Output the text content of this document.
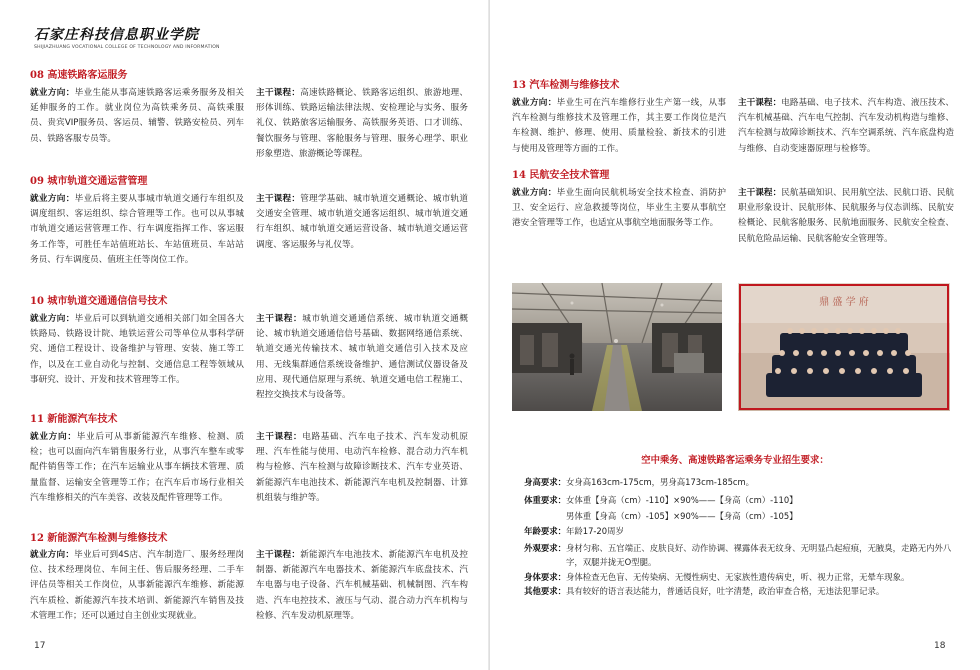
石家庄科技信息职业学院
SHIJIAZHUANG VOCATIONAL COLLEGE OF TECHNOLOGY AND INFORMATION
08 高速铁路客运服务
就业方向：毕业生能从事高速铁路客运乘务服务及相关延伸服务的工作。就业岗位为高铁乘务员、高铁乘服员、贵宾VIP服务员、客运员、辅警、铁路安检员、列车员、铁路客服专员等。
主干课程：高速铁路概论、铁路客运组织、旅游地理、形体训练、铁路运输法律法规、安检理论与实务、服务礼仪、铁路旅客运输服务、高铁服务英语、口才训练、餐饮服务与管理、客舱服务与管理、服务心理学、职业形象塑造、旅游概论等课程。
09 城市轨道交通运营管理
就业方向：毕业后将主要从事城市轨道交通行车组织及调度组织、客运组织、综合管理等工作。也可以从事城市轨道交通运营管理工作、行车调度指挥工作、客运服务工作等，可胜任车站值班站长、车站值班员、车站站务员、行车调度员、值班主任等岗位工作。
主干课程：管理学基础、城市轨道交通概论、城市轨道交通安全管理、城市轨道交通客运组织、城市轨道交通行车组织、城市轨道交通运营设备、城市轨道交通运营调度、客运服务与礼仪等。
10 城市轨道交通通信信号技术
就业方向：毕业后可以到轨道交通相关部门如全国各大铁路局、铁路设计院、地铁运营公司等单位从事科学研究、通信工程设计、设备维护与管理、安装、施工等工作，以及在工业自动化与控制、交通信息工程等领域从事研究、设计、开发和技术管理等工作。
主干课程：城市轨道交通通信系统、城市轨道交通概论、城市轨道交通通信信号基础、数据网络通信系统、轨道交通光传输技术、城市轨道交通信引入技术及应用、无线集群通信系统设备维护、通信测试仪器设备及应用、现代通信原理与系统、轨道交通电信工程施工、程控交换技术与设备等。
11 新能源汽车技术
就业方向：毕业后可从事新能源汽车维修、检测、质检；也可以面向汽车销售服务行业，从事汽车整车或零配件销售等工作；在汽车运输业从事车辆技术管理、质量监督、运输安全管理等工作；在汽车后市场行业相关汽车维修相关的汽车美容、改装及配件管理等工作。
主干课程：电路基础、汽车电子技术、汽车发动机原理、汽车性能与使用、电动汽车检修、混合动力汽车机构与检修、汽车检测与故障诊断技术、汽车专业英语、新能源汽车电池技术、新能源汽车电机及控制器、计算机组装与维护等。
12 新能源汽车检测与维修技术
就业方向：毕业后可到4S店、汽车制造厂、服务经理岗位、技术经理岗位、车间主任、售后服务经理、二手车评估员等相关工作岗位，从事新能源汽车维修、新能源汽车质检、新能源汽车技术培训、新能源汽车销售及技术管理工作；还可以通过自主创业实现就业。
主干课程：新能源汽车电池技术、新能源汽车电机及控制器、新能源汽车电器技术、新能源汽车底盘技术、汽车电器与电子设备、汽车机械基础、机械制图、汽车构造、汽车电控技术、液压与气动、混合动力汽车机构与检修、汽车发动机原理等。
17
13 汽车检测与维修技术
就业方向：毕业生可在汽车维修行业生产第一线，从事汽车检测与维修技术及管理工作，其主要工作岗位是汽车检测、维护、修理、使用、质量检验、新技术的引进与使用及管理等方面的工作。
主干课程：电路基础、电子技术、汽车构造、液压技术、汽车机械基础、汽车电气控制、汽车发动机构造与维修、汽车检测与故障诊断技术、汽车空调系统、汽车底盘构造与维修、自动变速器原理与检修等。
14 民航安全技术管理
就业方向：毕业生面向民航机场安全技术检查、消防护卫、安全运行、应急救援等岗位，毕业生主要从事航空港安全管理等工作，也适宜从事航空地面服务等工作。
主干课程：民航基础知识、民用航空法、民航口语、民航职业形象设计、民航形体、民航服务与仪态训练、民航安检概论、民航客舱服务、民航地面服务、民航安全检查、民航危险品运输、民航客舱安全管理等。
鼎 盛 学 府
空中乘务、高速铁路客运乘务专业招生要求：
身高要求：女身高163cm-175cm，男身高173cm-185cm。
体重要求：女体重【身高（cm）-110】×90%——【身高（cm）-110】
男体重【身高（cm）-105】×90%——【身高（cm）-105】
年龄要求：年龄17-20周岁
外观要求：身材匀称、五官端正、皮肤良好、动作协调、裸露体表无纹身、无明显凸起痘痕，无腋臭，走路无内外八字，双腿并拢无O型腿。
身体要求：身体检查无色盲、无传染病、无慢性病史、无家族性遗传病史，听、视力正常，无晕车现象。
其他要求：具有较好的语言表达能力，普通话良好，吐字清楚，政治审查合格，无违法犯罪记录。
18
